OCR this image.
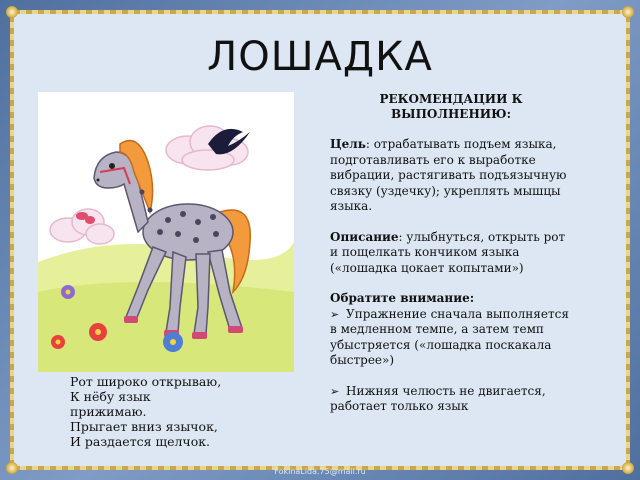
ЛОШАДКА
Рот широко открываю,
К нёбу язык
прижимаю.
Прыгает вниз язычок,
И раздается щелчок.
РЕКОМЕНДАЦИИ К ВЫПОЛНЕНИЮ:

Цель: отрабатывать подъем языка, подготавливать его к выработке вибрации, растягивать подъязычную связку (уздечку); укреплять мышцы языка.

Описание: улыбнуться, открыть рот
и пощелкать кончиком языка («лошадка цокает копытами»)

Обратите внимание:

➢ Упражнение сначала выполняется
в медленном темпе, а затем темп убыстряется («лошадка поскакала быстрее»)

➢ Нижняя челюсть не двигается, работает только язык

FokinaLida.75@mail.ru
